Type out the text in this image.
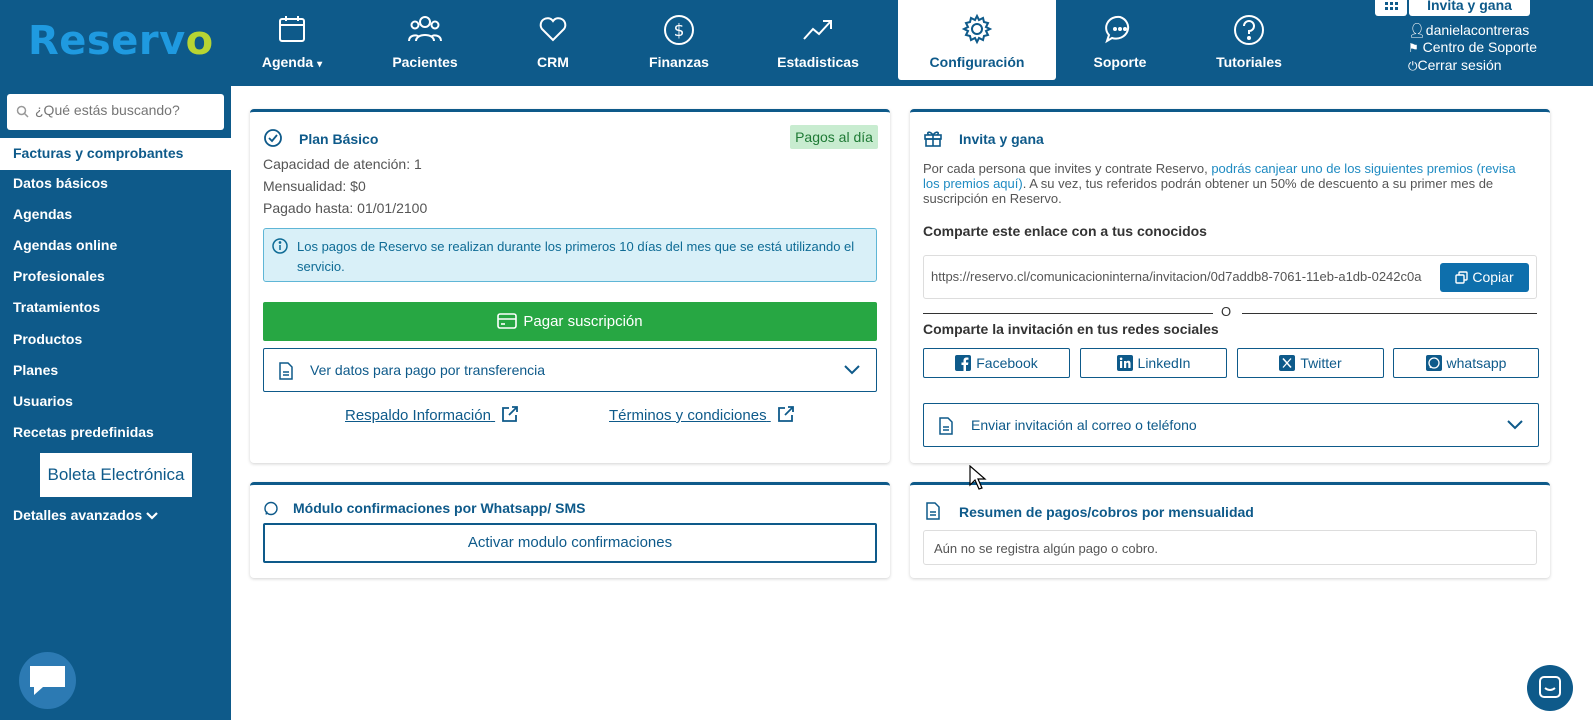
Reservo	Agenda ▾	Pacientes	CRM
$
Finanzas	Estadisticas	Configuración	Soporte	Tutoriales
Invita y gana
👤︎danielacontreras
⚑ Centro de Soporte
⏻Cerrar sesión
¿Qué estás buscando?
Facturas y comprobantes
Datos básicos
Agendas
Agendas online
Profesionales
Tratamientos
Productos
Planes
Usuarios
Recetas predefinidas
Boleta Electrónica
Detalles avanzados
Plan Básico	Pagos al día
Capacidad de atención: 1
Mensualidad: $0
Pagado hasta: 01/01/2100
Los pagos de Reservo se realizan durante los primeros 10 días del mes que se está utilizando el servicio.
Pagar suscripción
Ver datos para pago por transferencia
Respaldo Información	Términos y condiciones
Invita y gana
Por cada persona que invites y contrate Reservo, podrás canjear uno de los siguientes premios (revisa los premios aquí). A su vez, tus referidos podrán obtener un 50% de descuento a su primer mes de suscripción en Reservo.
Comparte este enlace con a tus conocidos
https://reservo.cl/comunicacioninterna/invitacion/0d7addb8-7061-11eb-a1db-0242c0a	Copiar
O
Comparte la invitación en tus redes sociales
Facebook	LinkedIn	Twitter	whatsapp
Enviar invitación al correo o teléfono
Módulo confirmaciones por Whatsapp/ SMS
Activar modulo confirmaciones
Resumen de pagos/cobros por mensualidad
Aún no se registra algún pago o cobro.
